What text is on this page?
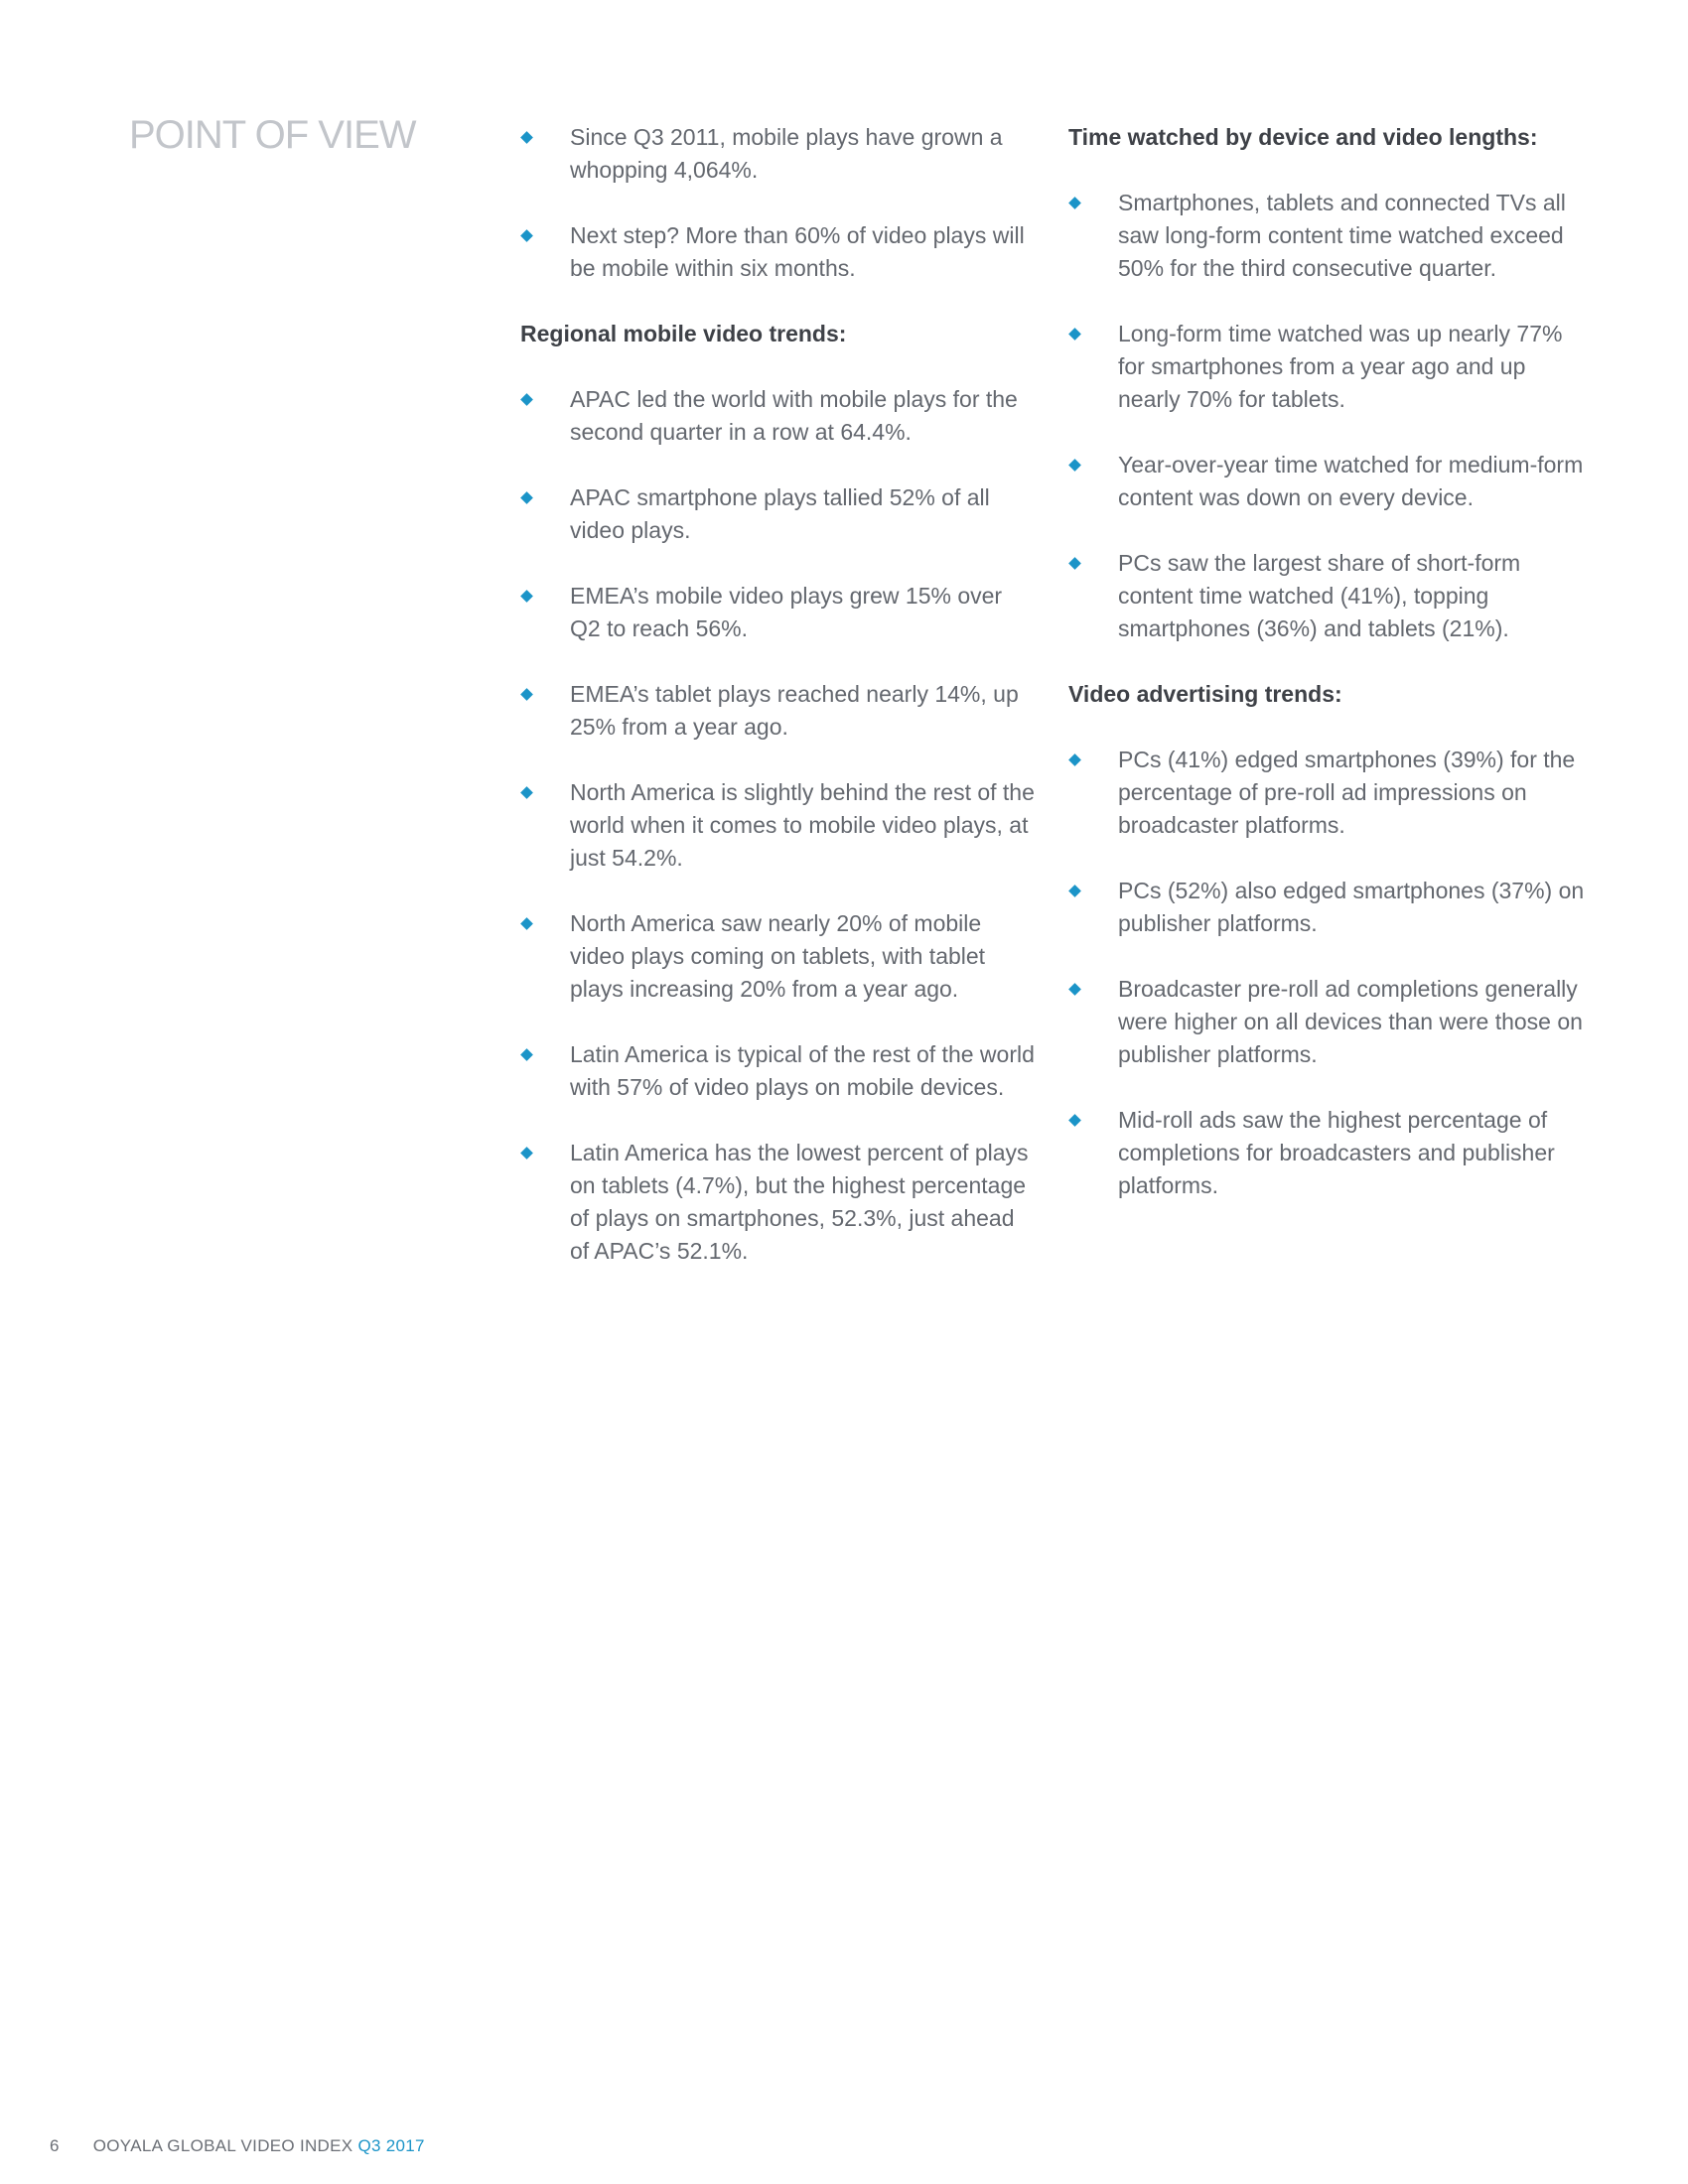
POINT OF VIEW	Since Q3 2011, mobile plays have grown a whopping 4,064%.
Next step? More than 60% of video plays will be mobile within six months.
Regional mobile video trends:
APAC led the world with mobile plays for the second quarter in a row at 64.4%.
APAC smartphone plays tallied 52% of all video plays.
EMEA’s mobile video plays grew 15% over Q2 to reach 56%.
EMEA’s tablet plays reached nearly 14%, up 25% from a year ago.
North America is slightly behind the rest of the world when it comes to mobile video plays, at just 54.2%.
North America saw nearly 20% of mobile video plays coming on tablets, with tablet plays increasing 20% from a year ago.
Latin America is typical of the rest of the world with 57% of video plays on mobile devices.
Latin America has the lowest percent of plays on tablets (4.7%), but the highest percentage of plays on smartphones, 52.3%, just ahead of APAC’s 52.1%.
Time watched by device and video lengths:
Smartphones, tablets and connected TVs all saw long-form content time watched exceed 50% for the third consecutive quarter.
Long-form time watched was up nearly 77% for smartphones from a year ago and up nearly 70% for tablets.
Year-over-year time watched for medium-form content was down on every device.
PCs saw the largest share of short-form content time watched (41%), topping smartphones (36%) and tablets (21%).
Video advertising trends:
PCs (41%) edged smartphones (39%) for the percentage of pre-roll ad impressions on broadcaster platforms.
PCs (52%) also edged smartphones (37%) on publisher platforms.
Broadcaster pre-roll ad completions generally were higher on all devices than were those on publisher platforms.
Mid-roll ads saw the highest percentage of completions for broadcasters and publisher platforms.
6 OOYALA GLOBAL VIDEO INDEX Q3 2017
